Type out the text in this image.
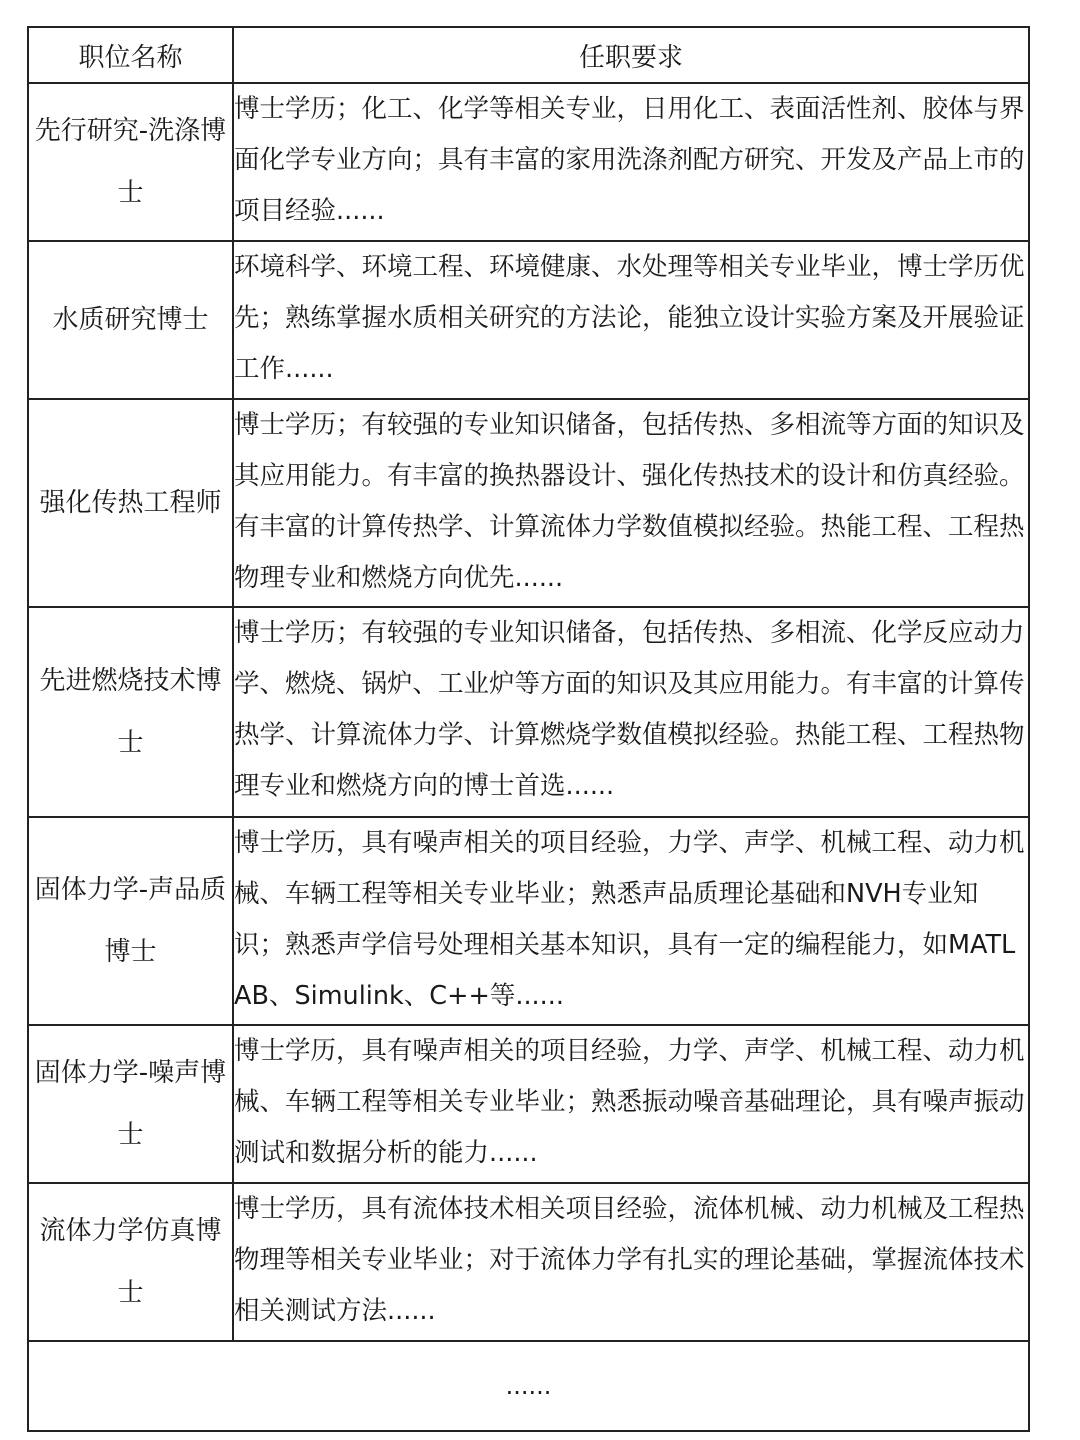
职位名称	任职要求
先行研究-洗涤博士	博士学历；化工、化学等相关专业，日用化工、表面活性剂、胶体与界面化学专业方向；具有丰富的家用洗涤剂配方研究、开发及产品上市的项目经验......
水质研究博士	环境科学、环境工程、环境健康、水处理等相关专业毕业，博士学历优先；熟练掌握水质相关研究的方法论，能独立设计实验方案及开展验证工作......
强化传热工程师	博士学历；有较强的专业知识储备，包括传热、多相流等方面的知识及其应用能力。有丰富的换热器设计、强化传热技术的设计和仿真经验。有丰富的计算传热学、计算流体力学数值模拟经验。热能工程、工程热物理专业和燃烧方向优先......
先进燃烧技术博士	博士学历；有较强的专业知识储备，包括传热、多相流、化学反应动力学、燃烧、锅炉、工业炉等方面的知识及其应用能力。有丰富的计算传热学、计算流体力学、计算燃烧学数值模拟经验。热能工程、工程热物理专业和燃烧方向的博士首选......
固体力学-声品质博士	博士学历，具有噪声相关的项目经验，力学、声学、机械工程、动力机械、车辆工程等相关专业毕业；熟悉声品质理论基础和NVH专业知识；熟悉声学信号处理相关基本知识，具有一定的编程能力，如MATLAB、Simulink、C++等......
固体力学-噪声博士	博士学历，具有噪声相关的项目经验，力学、声学、机械工程、动力机械、车辆工程等相关专业毕业；熟悉振动噪音基础理论，具有噪声振动测试和数据分析的能力......
流体力学仿真博士	博士学历，具有流体技术相关项目经验，流体机械、动力机械及工程热物理等相关专业毕业；对于流体力学有扎实的理论基础，掌握流体技术相关测试方法......
......	
